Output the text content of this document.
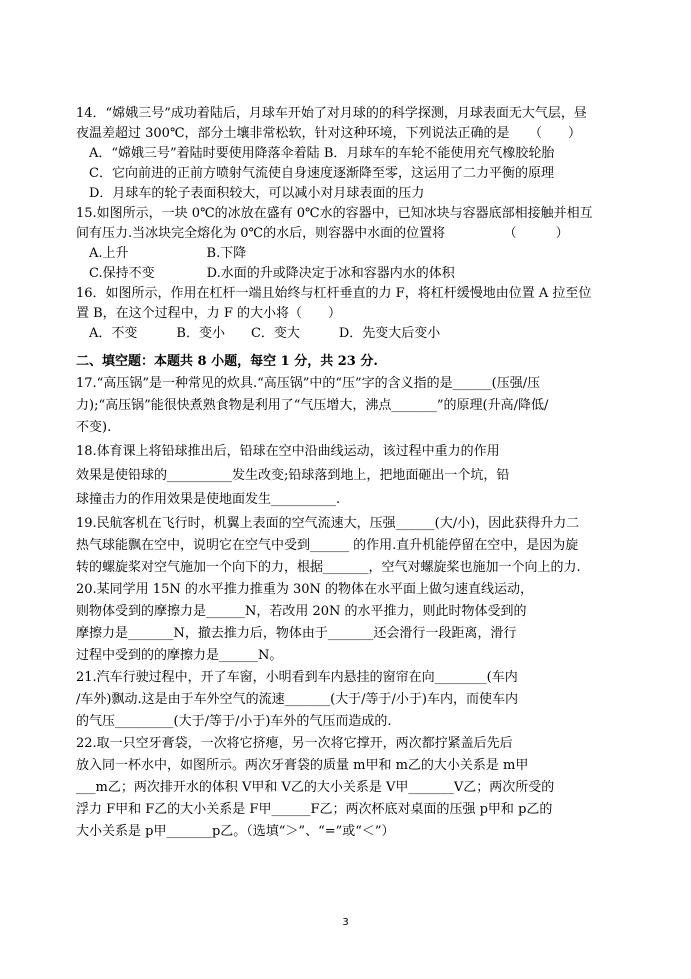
14．“嫦娥三号”成功着陆后，月球车开始了对月球的的科学探测，月球表面无大气层，昼
夜温差超过 300℃，部分土壤非常松软，针对这种环境，下列说法正确的是　　（　　）
　A．“嫦娥三号”着陆时要使用降落伞着陆 B．月球车的车轮不能使用充气橡胶轮胎
　C．它向前进的正前方喷射气流使自身速度逐渐降至零，这运用了二力平衡的原理
　D．月球车的轮子表面积较大，可以减小对月球表面的压力
15.如图所示，一块 0℃的冰放在盛有 0℃水的容器中，已知冰块与容器底部相接触并相互
间有压力.当冰块完全熔化为 0℃的水后，则容器中水面的位置将　　　　　（　　　）
　A.上升　　　　　　B.下降
　C.保持不变　　　　D.水面的升或降决定于冰和容器内水的体积
16．如图所示，作用在杠杆一端且始终与杠杆垂直的力 F，将杠杆缓慢地由位置 A 拉至位
置 B，在这个过程中，力 F 的大小将（　　）
　A．不变　　　B．变小　　C．变大　　　D．先变大后变小
二、填空题：本题共 8 小题，每空 1 分，共 23 分.
17.“高压锅”是一种常见的炊具.“高压锅”中的“压”字的含义指的是______(压强/压
力);“高压锅”能很快煮熟食物是利用了“气压增大，沸点_______”的原理(升高/降低/
不变).
18.体育课上将铅球推出后，铅球在空中沿曲线运动，该过程中重力的作用
效果是使铅球的__________发生改变;铅球落到地上，把地面砸出一个坑，铅
球撞击力的作用效果是使地面发生__________.
19.民航客机在飞行时，机翼上表面的空气流速大，压强______(大/小)，因此获得升力二
热气球能飘在空中，说明它在空气中受到______ 的作用.直升机能停留在空中，是因为旋
转的螺旋桨对空气施加一个向下的力，根据_______，空气对螺旋桨也施加一个向上的力.
20.某同学用 15N 的水平推力推重为 30N 的物体在水平面上做匀速直线运动，
则物体受到的摩擦力是______N，若改用 20N 的水平推力，则此时物体受到的
摩擦力是_______N，撤去推力后，物体由于_______还会滑行一段距离，滑行
过程中受到的的摩擦力是______N。
21.汽车行驶过程中，开了车窗，小明看到车内悬挂的窗帘在向________(车内
/车外)飘动.这是由于车外空气的流速_______(大于/等于/小于)车内，而使车内
的气压_________(大于/等于/小于)车外的气压而造成的.
22.取一只空牙膏袋，一次将它挤瘪，另一次将它撑开，两次都拧紧盖后先后
放入同一杯水中，如图所示。两次牙膏袋的质量 m甲和 m乙的大小关系是 m甲
___m乙；两次排开水的体积 V甲和 V乙的大小关系是 V甲_______V乙；两次所受的
浮力 F甲和 F乙的大小关系是 F甲______F乙；两次杯底对桌面的压强 p甲和 p乙的
大小关系是 p甲_______p乙。（选填“＞”、“=”或“＜”）
3
